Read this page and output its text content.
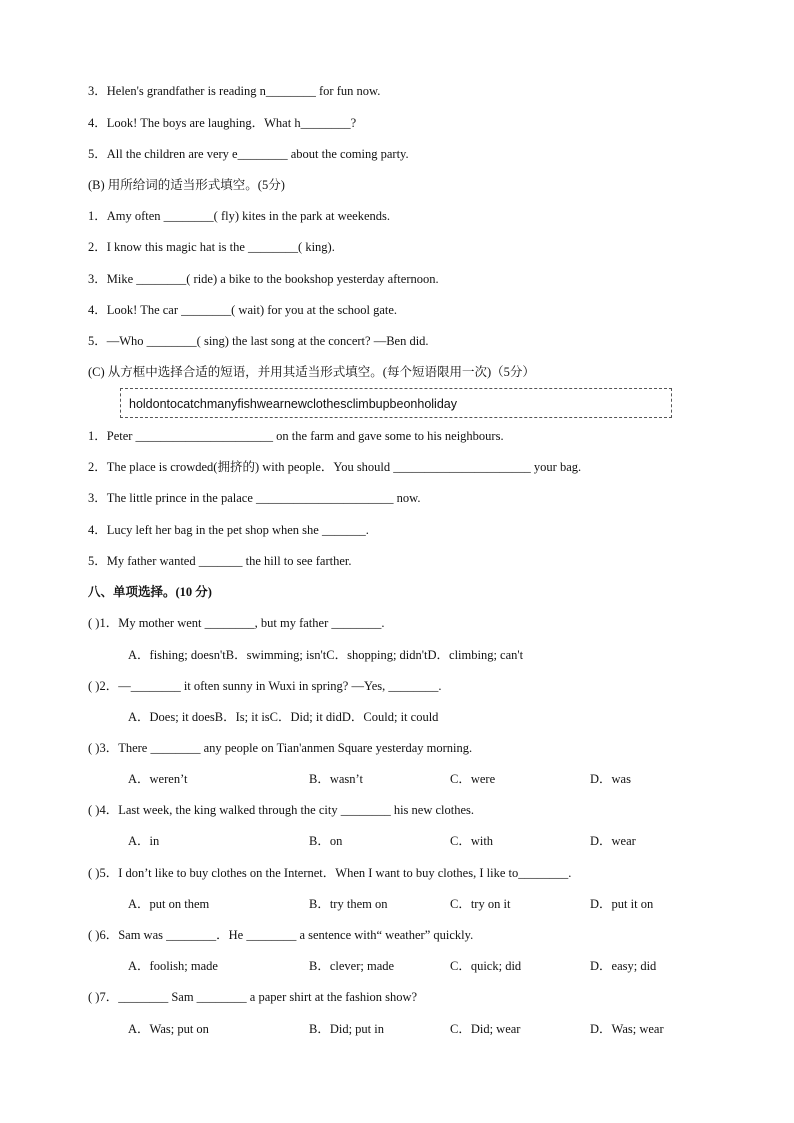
3．Helen's grandfather is reading n________ for fun now.
4．Look! The boys are laughing．What h________?
5．All the children are very e________ about the coming party.
(B) 用所给词的适当形式填空。(5分)
1．Amy often ________( fly) kites in the park at weekends.
2．I know this magic hat is the ________( king).
3．Mike ________( ride) a bike to the bookshop yesterday afternoon.
4．Look! The car ________( wait) for you at the school gate.
5．—Who ________( sing) the last song at the concert? —Ben did.
(C) 从方框中选择合适的短语，并用其适当形式填空。(每个短语限用一次)（5分）
holdontocatchmanyfishwearnewclothesclimbupbeonholiday
1．Peter ______________________ on the farm and gave some to his neighbours.
2．The place is crowded(拥挤的) with people．You should ______________________ your bag.
3．The little prince in the palace ______________________ now.
4．Lucy left her bag in the pet shop when she _______.
5．My father wanted _______ the hill to see farther.
八、单项选择。(10 分)
( )1．My mother went ________, but my father ________.
A．fishing; doesn'tB．swimming; isn'tC．shopping; didn'tD．climbing; can't
( )2．—________ it often sunny in Wuxi in spring? —Yes, ________.
A．Does; it doesB．Is; it isC．Did; it didD．Could; it could
( )3．There ________ any people on Tian'anmen Square yesterday morning.
A．weren’t	B．wasn’t	C．were	D．was
( )4．Last week, the king walked through the city ________ his new clothes.
A．in	B．on	C．with	D．wear
( )5．I don’t like to buy clothes on the Internet．When I want to buy clothes, I like to________.
A．put on them	B．try them on	C．try on it	D．put it on
( )6．Sam was ________．He ________ a sentence with“ weather” quickly.
A．foolish; made	B．clever; made	C．quick; did	D．easy; did
( )7．________ Sam ________ a paper shirt at the fashion show?
A．Was; put on	B．Did; put in	C．Did; wear	D．Was; wear
